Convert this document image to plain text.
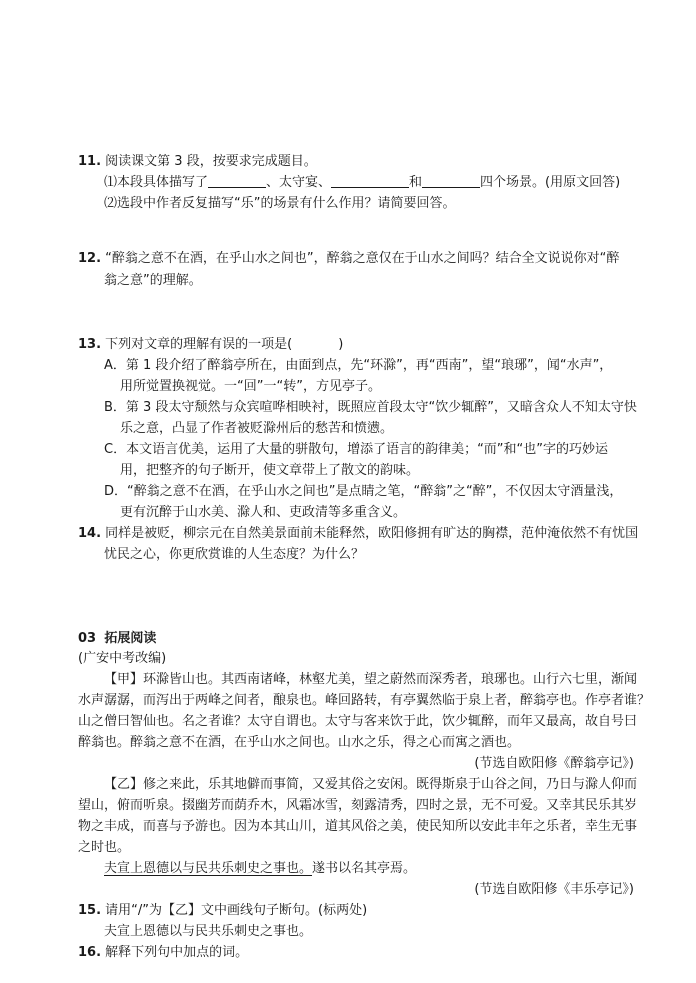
11. 阅读课文第 3 段，按要求完成题目。
⑴本段具体描写了	、太守宴、	和	四个场景。(用原文回答)
⑵选段中作者反复描写“乐”的场景有什么作用？请简要回答。
12. “醉翁之意不在酒，在乎山水之间也”，醉翁之意仅在于山水之间吗？结合全文说说你对“醉
翁之意”的理解。
13. 下列对文章的理解有误的一项是(	)
A．第 1 段介绍了醉翁亭所在，由面到点，先“环滁”，再“西南”，望“琅琊”，闻“水声”，
用所觉置换视觉。一“回”一“转”，方见亭子。
B．第 3 段太守颓然与众宾喧哗相映衬，既照应首段太守“饮少辄醉”，又暗含众人不知太守快
乐之意，凸显了作者被贬滁州后的愁苦和愤懑。
C．本文语言优美，运用了大量的骈散句，增添了语言的韵律美；“而”和“也”字的巧妙运
用，把整齐的句子断开，使文章带上了散文的韵味。
D．“醉翁之意不在酒，在乎山水之间也”是点睛之笔，“醉翁”之“醉”，不仅因太守酒量浅，
更有沉醉于山水美、滁人和、吏政清等多重含义。
14. 同样是被贬，柳宗元在自然美景面前未能释然，欧阳修拥有旷达的胸襟，范仲淹依然不有忧国
忧民之心，你更欣赏谁的人生态度？为什么？
03 拓展阅读
(广安中考改编)
【甲】环滁皆山也。其西南诸峰，林壑尤美，望之蔚然而深秀者，琅琊也。山行六七里，渐闻
水声潺潺，而泻出于两峰之间者，酿泉也。峰回路转，有亭翼然临于泉上者，醉翁亭也。作亭者谁？
山之僧曰智仙也。名之者谁？太守自谓也。太守与客来饮于此，饮少辄醉，而年又最高，故自号曰
醉翁也。醉翁之意不在酒，在乎山水之间也。山水之乐，得之心而寓之酒也。
(节选自欧阳修《醉翁亭记》)
【乙】修之来此，乐其地僻而事简，又爱其俗之安闲。既得斯泉于山谷之间，乃日与滁人仰而
望山，俯而听泉。掇幽芳而荫乔木，风霜冰雪，刻露清秀，四时之景，无不可爱。又幸其民乐其岁
物之丰成，而喜与予游也。因为本其山川，道其风俗之美，使民知所以安此丰年之乐者，幸生无事
之时也。
夫宣上恩德以与民共乐刺史之事也。遂书以名其亭焉。
(节选自欧阳修《丰乐亭记》)
15. 请用“/”为【乙】文中画线句子断句。(标两处)
夫宣上恩德以与民共乐刺史之事也。
16. 解释下列句中加点的词。
